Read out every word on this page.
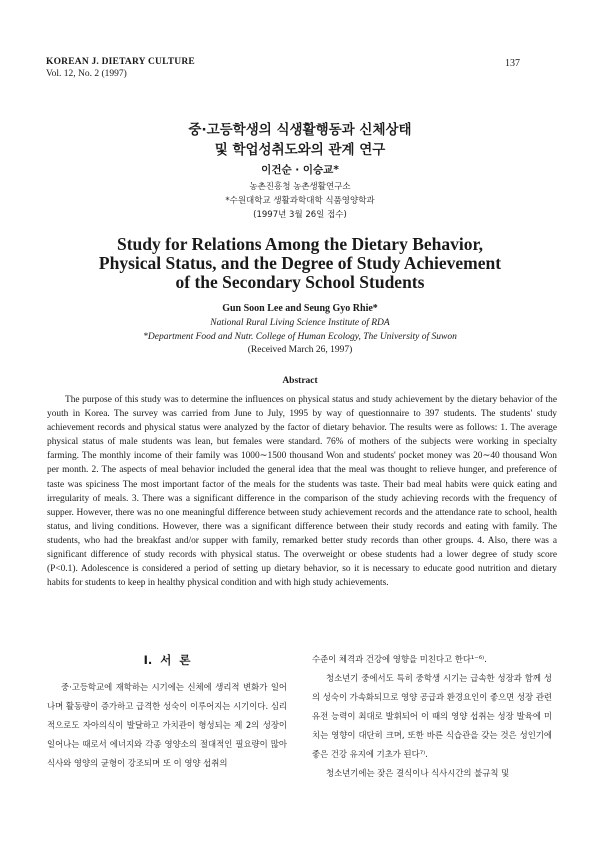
KOREAN J. DIETARY CULTURE
Vol. 12, No. 2 (1997)
137
중·고등학생의 식생활행동과 신체상태
및 학업성취도와의 관계 연구
이건순 · 이승교*
농촌진흥청 농촌생활연구소
*수원대학교 생활과학대학 식품영양학과
(1997년 3월 26일 접수)
Study for Relations Among the Dietary Behavior,
Physical Status, and the Degree of Study Achievement
of the Secondary School Students
Gun Soon Lee and Seung Gyo Rhie*
National Rural Living Science Institute of RDA
*Department Food and Nutr. College of Human Ecology, The University of Suwon
(Received March 26, 1997)
Abstract

The purpose of this study was to determine the influences on physical status and study achievement by the dietary behavior of the youth in Korea. The survey was carried from June to July, 1995 by way of questionnaire to 397 students. The students' study achievement records and physical status were analyzed by the factor of dietary behavior. The results were as follows: 1. The average physical status of male students was lean, but females were standard. 76% of mothers of the subjects were working in specialty farming. The monthly income of their family was 1000∼1500 thousand Won and students' pocket money was 20∼40 thousand Won per month. 2. The aspects of meal behavior included the general idea that the meal was thought to relieve hunger, and preference of taste was spiciness The most important factor of the meals for the students was taste. Their bad meal habits were quick eating and irregularity of meals. 3. There was a significant difference in the comparison of the study achieving records with the frequency of supper. However, there was no one meaningful difference between study achievement records and the attendance rate to school, health status, and living conditions. However, there was a significant difference between their study records and eating with family. The students, who had the breakfast and/or supper with family, remarked better study records than other groups. 4. Also, there was a significant difference of study records with physical status. The overweight or obese students had a lower degree of study score (P<0.1). Adolescence is considered a period of setting up dietary behavior, so it is necessary to educate good nutrition and dietary habits for students to keep in healthy physical condition and with high study achievements.

I. 서 론

중·고등학교에 재학하는 시기에는 신체에 생리적 변화가 일어나며 활동량이 증가하고 급격한 성숙이 이루어지는 시기이다. 심리적으로도 자아의식이 발달하고 가치관이 형성되는 제 2의 성장이 일어나는 때로서 에너지와 각종 영양소의 절대적인 필요량이 많아 식사와 영양의 균형이 강조되며 또 이 영양 섭취의

수준이 체격과 건강에 영향을 미친다고 한다¹⁻⁶⁾.

청소년기 중에서도 특히 중학생 시기는 급속한 성장과 함께 성의 성숙이 가속화되므로 영양 공급과 환경요인이 좋으면 성장 관련 유전 능력이 최대로 발휘되어 이 때의 영양 섭취는 성장 발육에 미치는 영향이 대단히 크며, 또한 바른 식습관을 갖는 것은 성인기에 좋은 건강 유지에 기초가 된다⁷⁾.

청소년기에는 잦은 결식이나 식사시간의 불규칙 및
